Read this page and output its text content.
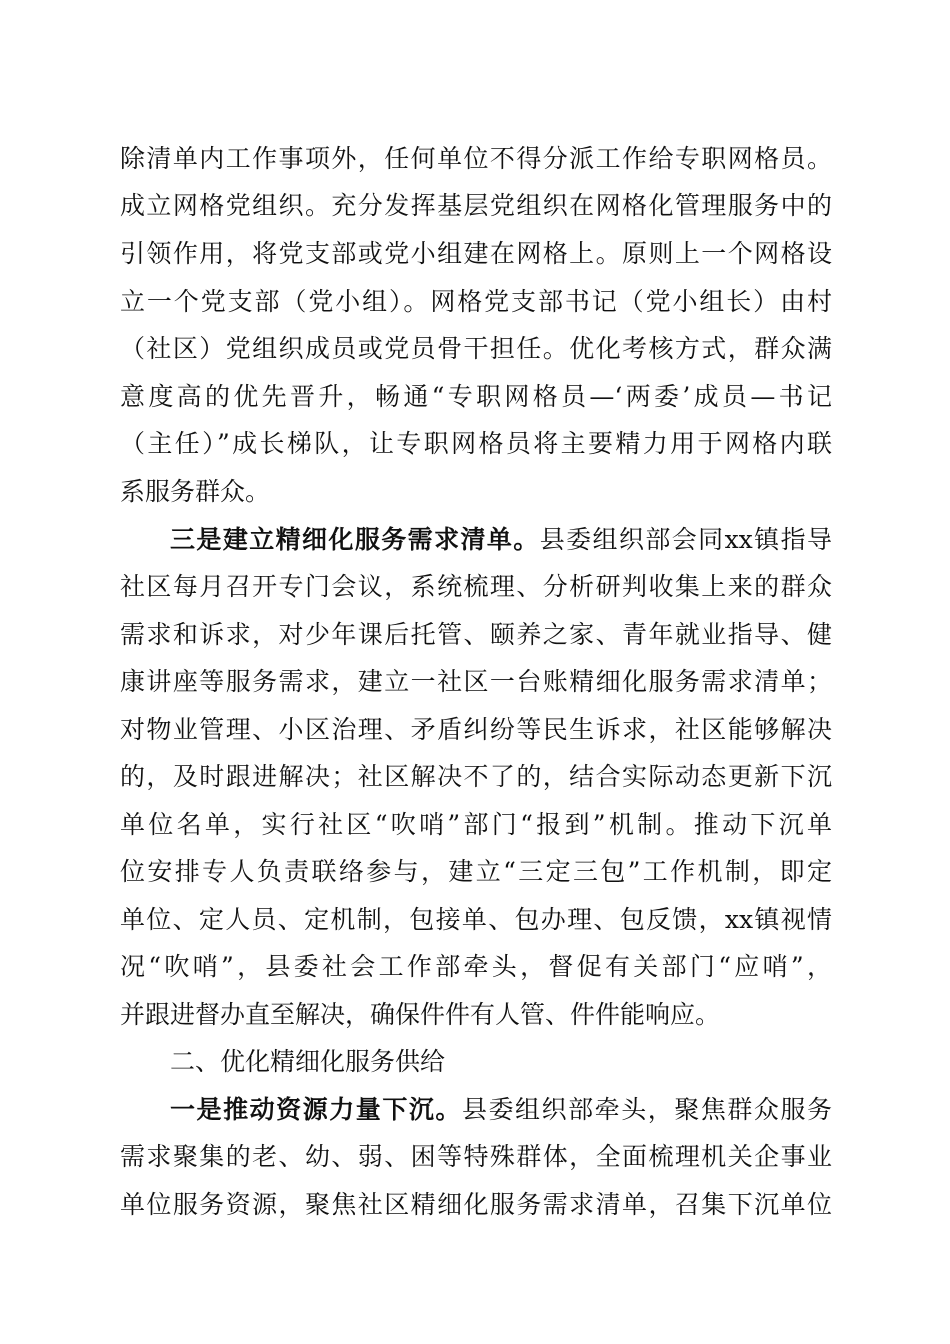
除清单内工作事项外，任何单位不得分派工作给专职网格员。
成立网格党组织。充分发挥基层党组织在网格化管理服务中的
引领作用，将党支部或党小组建在网格上。原则上一个网格设
立一个党支部（党小组）。网格党支部书记（党小组长）由村
（社区）党组织成员或党员骨干担任。优化考核方式，群众满
意度高的优先晋升，畅通“专职网格员—‘两委’成员—书记
（主任）”成长梯队，让专职网格员将主要精力用于网格内联
系服务群众。
三是建立精细化服务需求清单。县委组织部会同xx镇指导
社区每月召开专门会议，系统梳理、分析研判收集上来的群众
需求和诉求，对少年课后托管、颐养之家、青年就业指导、健
康讲座等服务需求，建立一社区一台账精细化服务需求清单；
对物业管理、小区治理、矛盾纠纷等民生诉求，社区能够解决
的，及时跟进解决；社区解决不了的，结合实际动态更新下沉
单位名单，实行社区“吹哨”部门“报到”机制。推动下沉单
位安排专人负责联络参与，建立“三定三包”工作机制，即定
单位、定人员、定机制，包接单、包办理、包反馈，xx镇视情
况“吹哨”，县委社会工作部牵头，督促有关部门“应哨”，
并跟进督办直至解决，确保件件有人管、件件能响应。
二、优化精细化服务供给
一是推动资源力量下沉。县委组织部牵头，聚焦群众服务
需求聚集的老、幼、弱、困等特殊群体，全面梳理机关企事业
单位服务资源，聚焦社区精细化服务需求清单，召集下沉单位
